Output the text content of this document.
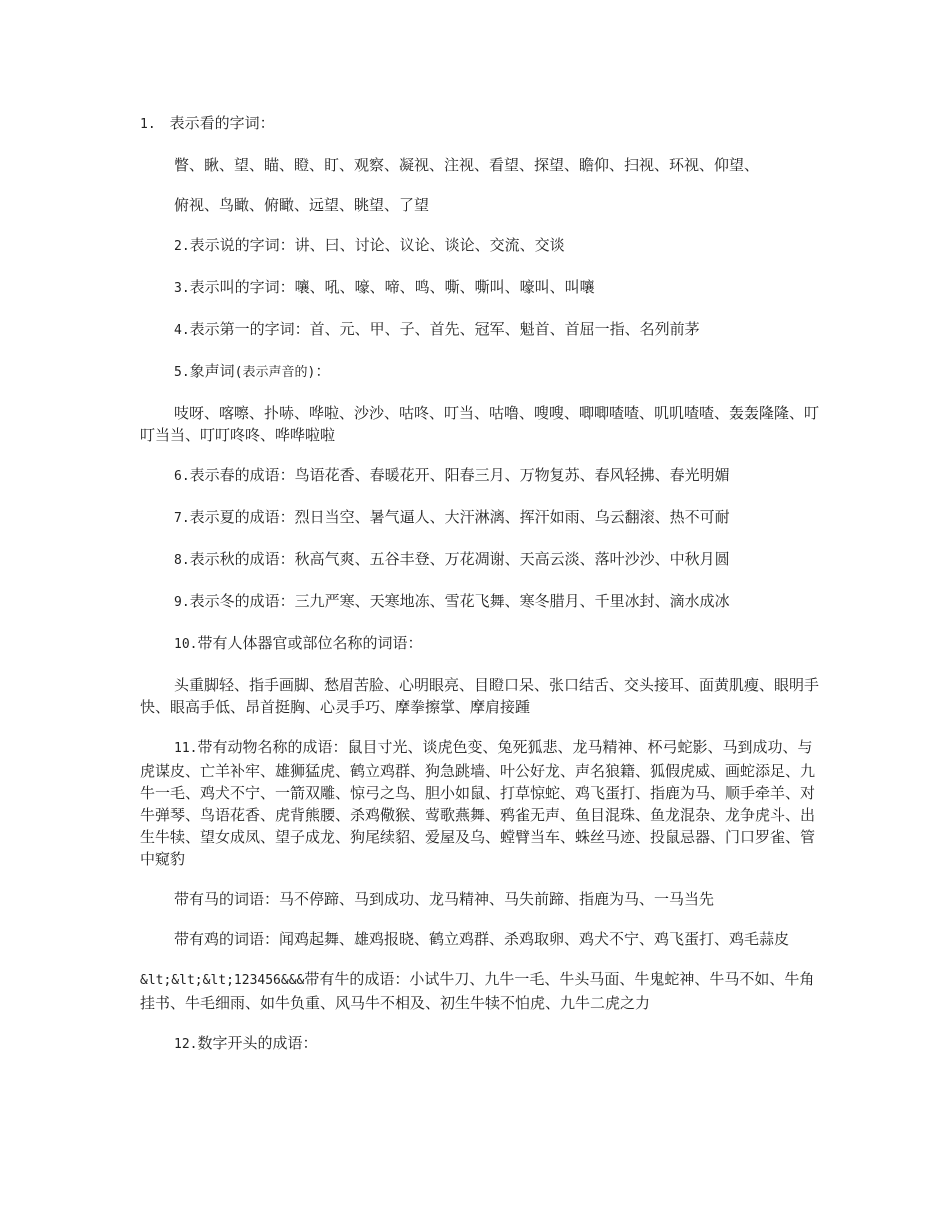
1. 表示看的字词：

瞥、瞅、望、瞄、瞪、盯、观察、凝视、注视、看望、探望、瞻仰、扫视、环视、仰望、

俯视、鸟瞰、俯瞰、远望、眺望、了望

2.表示说的字词：讲、曰、讨论、议论、谈论、交流、交谈

3.表示叫的字词：嚷、吼、嚎、啼、鸣、嘶、嘶叫、嚎叫、叫嚷

4.表示第一的字词：首、元、甲、子、首先、冠军、魁首、首屈一指、名列前茅

5.象声词(表示声音的)：

吱呀、喀嚓、扑哧、哗啦、沙沙、咕咚、叮当、咕噜、嗖嗖、唧唧喳喳、叽叽喳喳、轰轰隆隆、叮叮当当、叮叮咚咚、哗哗啦啦

6.表示春的成语：鸟语花香、春暖花开、阳春三月、万物复苏、春风轻拂、春光明媚

7.表示夏的成语：烈日当空、暑气逼人、大汗淋漓、挥汗如雨、乌云翻滚、热不可耐

8.表示秋的成语：秋高气爽、五谷丰登、万花凋谢、天高云淡、落叶沙沙、中秋月圆

9.表示冬的成语：三九严寒、天寒地冻、雪花飞舞、寒冬腊月、千里冰封、滴水成冰

10.带有人体器官或部位名称的词语：

头重脚轻、指手画脚、愁眉苦脸、心明眼亮、目瞪口呆、张口结舌、交头接耳、面黄肌瘦、眼明手快、眼高手低、昂首挺胸、心灵手巧、摩拳擦掌、摩肩接踵

11.带有动物名称的成语：鼠目寸光、谈虎色变、兔死狐悲、龙马精神、杯弓蛇影、马到成功、与虎谋皮、亡羊补牢、雄狮猛虎、鹤立鸡群、狗急跳墙、叶公好龙、声名狼籍、狐假虎威、画蛇添足、九牛一毛、鸡犬不宁、一箭双雕、惊弓之鸟、胆小如鼠、打草惊蛇、鸡飞蛋打、指鹿为马、顺手牵羊、对牛弹琴、鸟语花香、虎背熊腰、杀鸡儆猴、莺歌燕舞、鸦雀无声、鱼目混珠、鱼龙混杂、龙争虎斗、出生牛犊、望女成凤、望子成龙、狗尾续貂、爱屋及乌、螳臂当车、蛛丝马迹、投鼠忌器、门口罗雀、管中窥豹

带有马的词语：马不停蹄、马到成功、龙马精神、马失前蹄、指鹿为马、一马当先

带有鸡的词语：闻鸡起舞、雄鸡报晓、鹤立鸡群、杀鸡取卵、鸡犬不宁、鸡飞蛋打、鸡毛蒜皮

&lt;&lt;&lt;123456&&&带有牛的成语：小试牛刀、九牛一毛、牛头马面、牛鬼蛇神、牛马不如、牛角挂书、牛毛细雨、如牛负重、风马牛不相及、初生牛犊不怕虎、九牛二虎之力

12.数字开头的成语：
